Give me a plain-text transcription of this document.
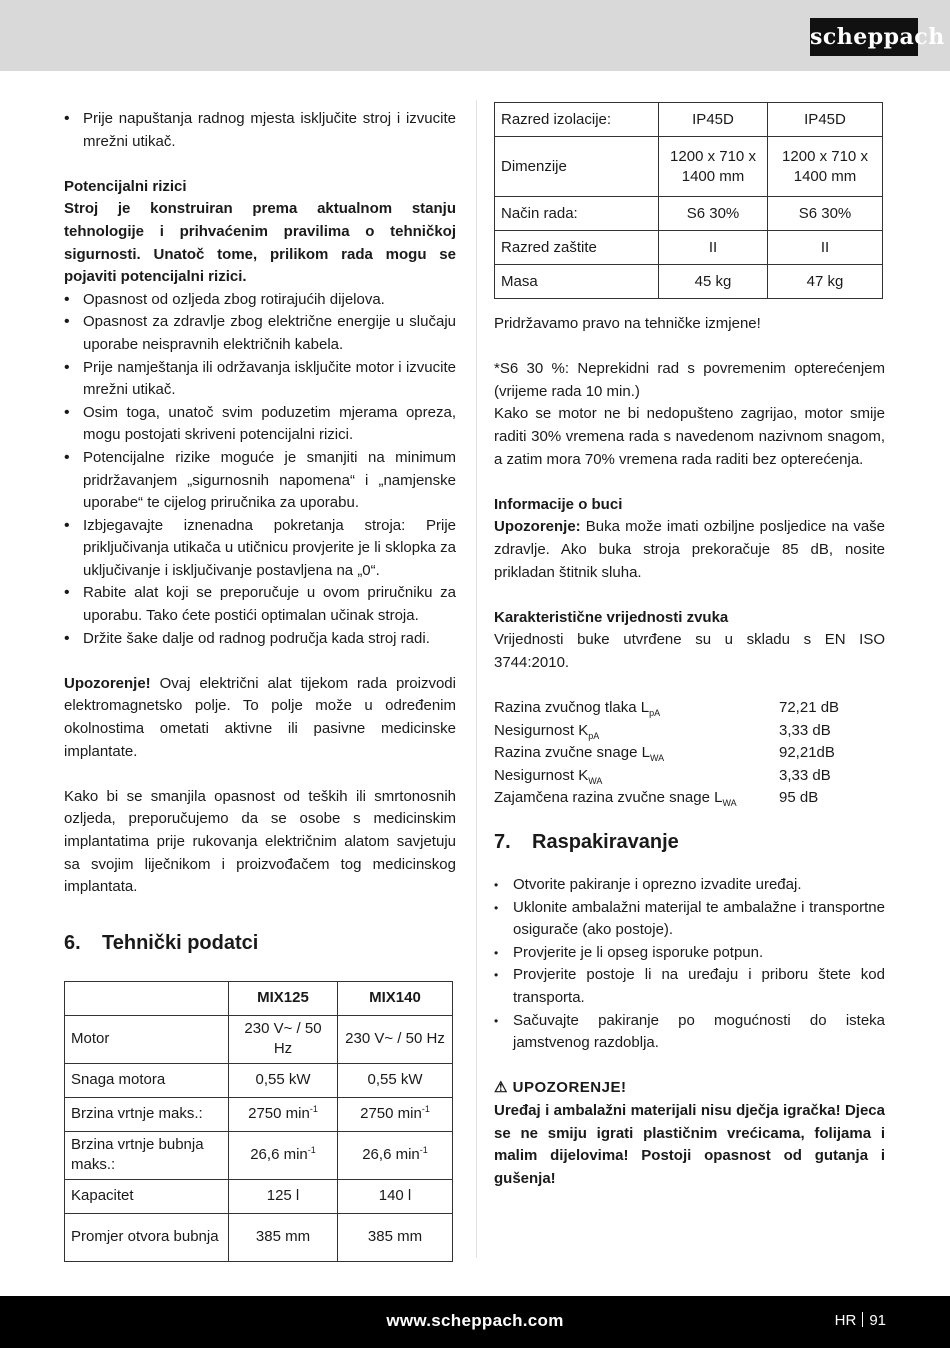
scheppach
• Prije napuštanja radnog mjesta isključite stroj i izvucite mrežni utikač.

Potencijalni rizici

Stroj je konstruiran prema aktualnom stanju tehnologije i prihvaćenim pravilima o tehničkoj sigurnosti. Unatoč tome, prilikom rada mogu se pojaviti potencijalni rizici.

• Opasnost od ozljeda zbog rotirajućih dijelova.
• Opasnost za zdravlje zbog električne energije u slučaju uporabe neispravnih električnih kabela.
• Prije namještanja ili održavanja isključite motor i izvucite mrežni utikač.
• Osim toga, unatoč svim poduzetim mjerama opreza, mogu postojati skriveni potencijalni rizici.
• Potencijalne rizike moguće je smanjiti na minimum pridržavanjem „sigurnosnih napomena“ i „namjenske uporabe“ te cijelog priručnika za uporabu.
• Izbjegavajte iznenadna pokretanja stroja: Prije priključivanja utikača u utičnicu provjerite je li sklopka za uključivanje i isključivanje postavljena na „0“.
• Rabite alat koji se preporučuje u ovom priručniku za uporabu. Tako ćete postići optimalan učinak stroja.
• Držite šake dalje od radnog područja kada stroj radi.

Upozorenje! Ovaj električni alat tijekom rada proizvodi elektromagnetsko polje. To polje može u određenim okolnostima ometati aktivne ili pasivne medicinske implantate.

Kako bi se smanjila opasnost od teških ili smrtonosnih ozljeda, preporučujemo da se osobe s medicinskim implantatima prije rukovanja električnim alatom savjetuju sa svojim liječnikom i proizvođačem tog medicinskog implantata.

6. Tehnički podatci
	MIX125	MIX140
Motor	230 V~ / 50 Hz	230 V~ / 50 Hz
Snaga motora	0,55 kW	0,55 kW
Brzina vrtnje maks.:	2750 $\min^{-1}$	2750 $\min^{-1}$
Brzina vrtnje bubnja maks.:	26,6 $\min^{-1}$	26,6 $\min^{-1}$
Kapacitet	125 l	140 l
Promjer otvora bubnja	385 mm	385 mm
Razred izolacije:	IP45D	IP45D
Dimenzije	1200 x 710 x 1400 mm	1200 x 710 x 1400 mm
Način rada:	S6 30%	S6 30%
Razred zaštite	II	II
Masa	45 kg	47 kg

Pridržavamo pravo na tehničke izmjene!

*S6 30 %: Neprekidni rad s povremenim opterećenjem (vrijeme rada 10 min.)

Kako se motor ne bi nedopušteno zagrijao, motor smije raditi 30% vremena rada s navedenom nazivnom snagom, a zatim mora 70% vremena rada raditi bez opterećenja.

Informacije o buci

Upozorenje: Buka može imati ozbiljne posljedice na vaše zdravlje. Ako buka stroja prekoračuje 85 dB, nosite prikladan štitnik sluha.

Karakteristične vrijednosti zvuka

Vrijednosti buke utvrđene su u skladu s EN ISO 3744:2010.

Razina zvučnog tlaka $L_{pA}$	72,21 dB
Nesigurnost $K_{pA}$	3,33 dB
Razina zvučne snage $L_{WA}$	92,21dB
Nesigurnost $K_{WA}$	3,33 dB
Zajamčena razina zvučne snage $L_{WA}$	95 dB
7. Raspakiravanje
• Otvorite pakiranje i oprezno izvadite uređaj.
• Uklonite ambalažni materijal te ambalažne i transportne osigurače (ako postoje).
• Provjerite je li opseg isporuke potpun.
• Provjerite postoje li na uređaju i priboru štete kod transporta.
• Sačuvajte pakiranje po mogućnosti do isteka jamstvenog razdoblja.

⚠ UPOZORENJE!

Uređaj i ambalažni materijali nisu dječja igračka! Djeca se ne smiju igrati plastičnim vrećicama, folijama i malim dijelovima! Postoji opasnost od gutanja i gušenja!

www.scheppach.com	HR 91
